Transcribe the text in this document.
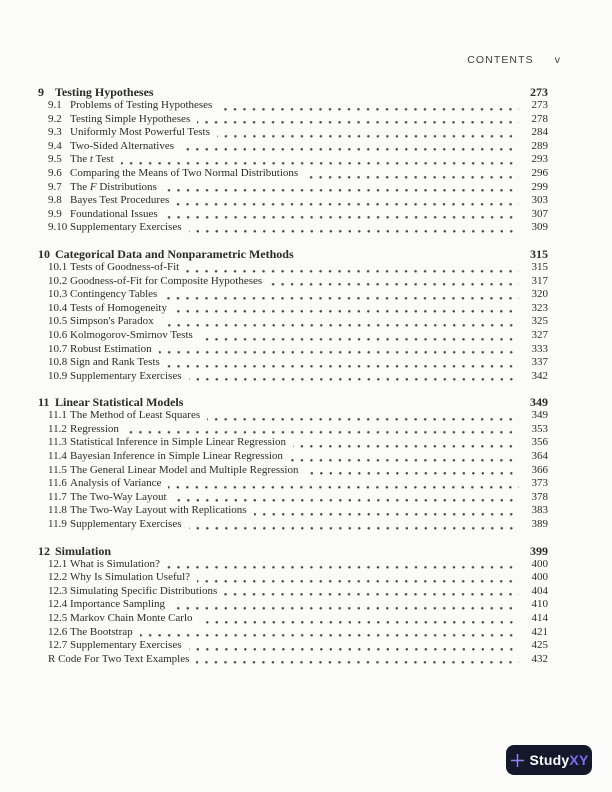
CONTENTS v
9 Testing Hypotheses	273
9.1 Problems of Testing Hypotheses	273
9.2 Testing Simple Hypotheses	278
9.3 Uniformly Most Powerful Tests	284
9.4 Two-Sided Alternatives	289
9.5 The t Test	293
9.6 Comparing the Means of Two Normal Distributions	296
9.7 The F Distributions	299
9.8 Bayes Test Procedures	303
9.9 Foundational Issues	307
9.10 Supplementary Exercises	309
10 Categorical Data and Nonparametric Methods	315
10.1 Tests of Goodness-of-Fit	315
10.2 Goodness-of-Fit for Composite Hypotheses	317
10.3 Contingency Tables	320
10.4 Tests of Homogeneity	323
10.5 Simpson's Paradox	325
10.6 Kolmogorov-Smirnov Tests	327
10.7 Robust Estimation	333
10.8 Sign and Rank Tests	337
10.9 Supplementary Exercises	342
11 Linear Statistical Models	349
11.1 The Method of Least Squares	349
11.2 Regression	353
11.3 Statistical Inference in Simple Linear Regression	356
11.4 Bayesian Inference in Simple Linear Regression	364
11.5 The General Linear Model and Multiple Regression	366
11.6 Analysis of Variance	373
11.7 The Two-Way Layout	378
11.8 The Two-Way Layout with Replications	383
11.9 Supplementary Exercises	389
12 Simulation	399
12.1 What is Simulation?	400
12.2 Why Is Simulation Useful?	400
12.3 Simulating Specific Distributions	404
12.4 Importance Sampling	410
12.5 Markov Chain Monte Carlo	414
12.6 The Bootstrap	421
12.7 Supplementary Exercises	425
R Code For Two Text Examples	432
Study XY
